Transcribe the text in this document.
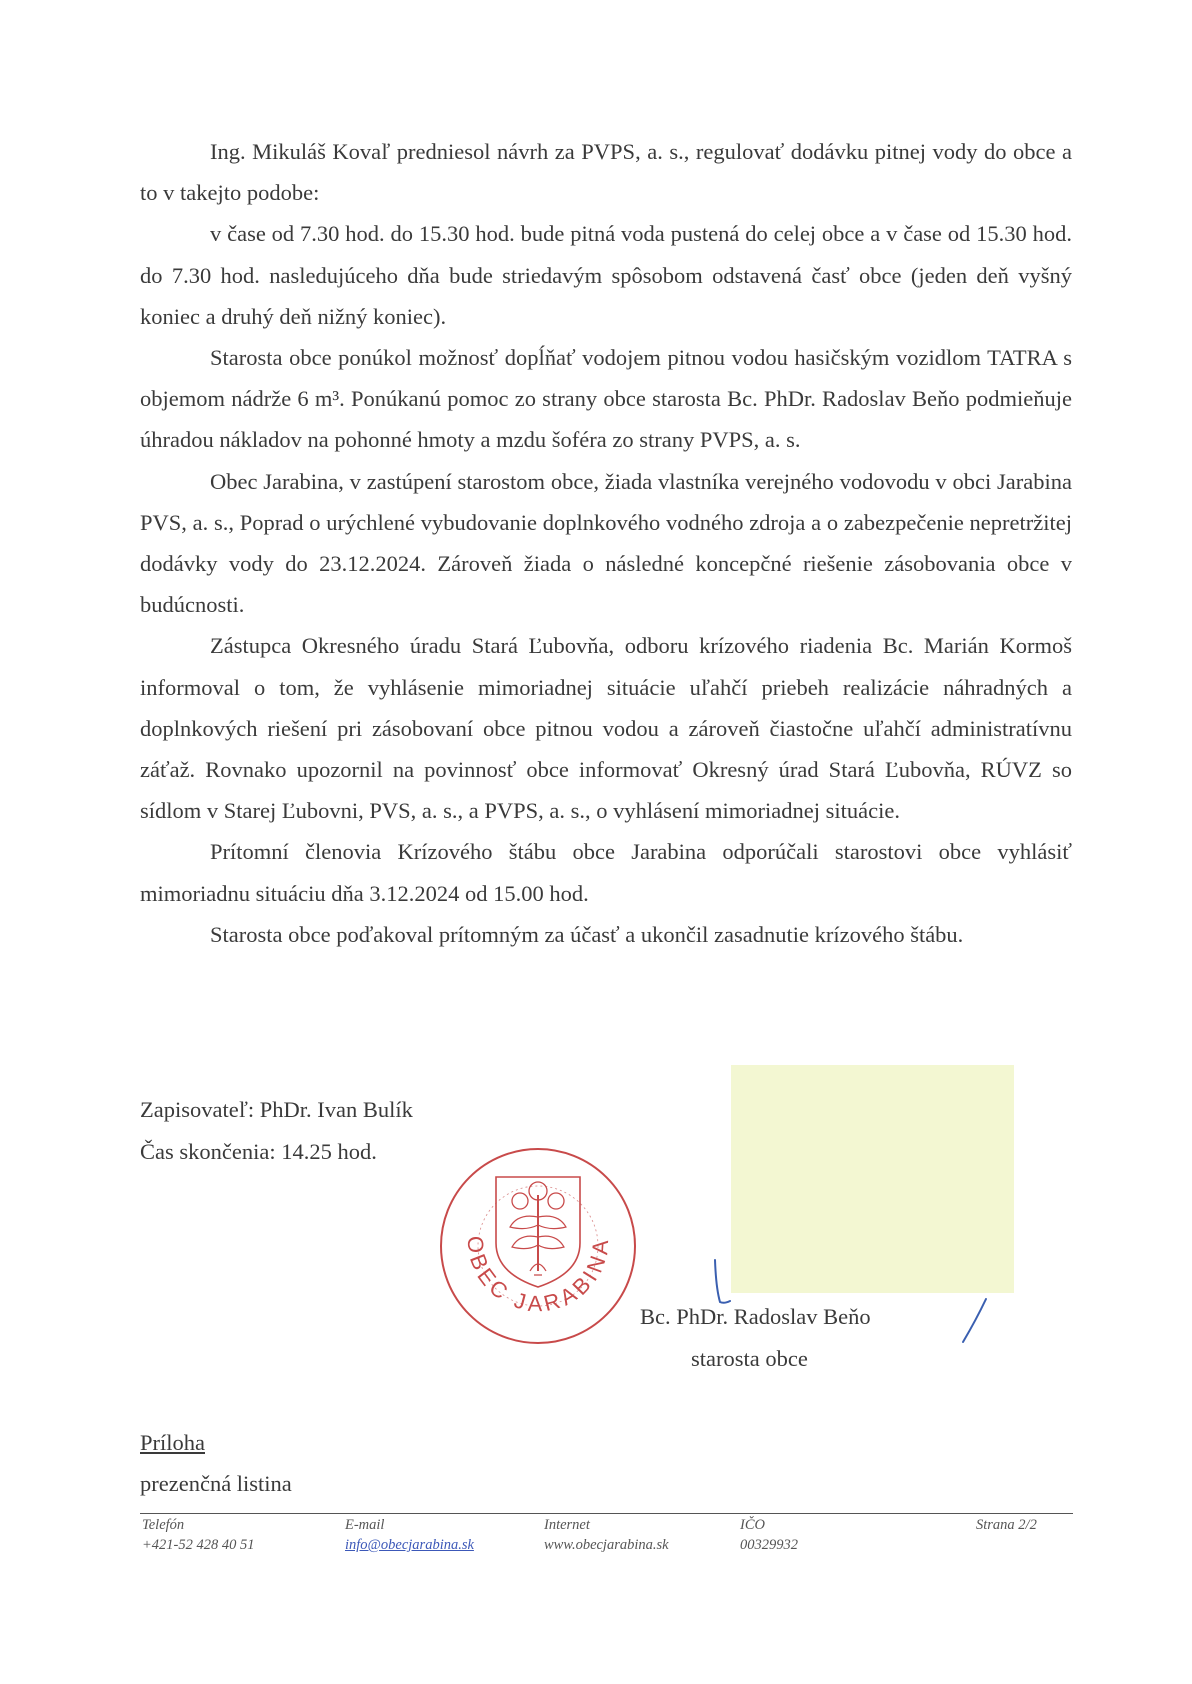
Ing. Mikuláš Kovaľ predniesol návrh za PVPS, a. s., regulovať dodávku pitnej vody do obce a to v takejto podobe:

v čase od 7.30 hod. do 15.30 hod. bude pitná voda pustená do celej obce a v čase od 15.30 hod. do 7.30 hod. nasledujúceho dňa bude striedavým spôsobom odstavená časť obce (jeden deň vyšný koniec a druhý deň nižný koniec).

Starosta obce ponúkol možnosť dopĺňať vodojem pitnou vodou hasičským vozidlom TATRA s objemom nádrže 6 m³. Ponúkanú pomoc zo strany obce starosta Bc. PhDr. Radoslav Beňo podmieňuje úhradou nákladov na pohonné hmoty a mzdu šoféra zo strany PVPS, a. s.

Obec Jarabina, v zastúpení starostom obce, žiada vlastníka verejného vodovodu v obci Jarabina PVS, a. s., Poprad o urýchlené vybudovanie doplnkového vodného zdroja a o zabezpečenie nepretržitej dodávky vody do 23.12.2024. Zároveň žiada o následné koncepčné riešenie zásobovania obce v budúcnosti.

Zástupca Okresného úradu Stará Ľubovňa, odboru krízového riadenia Bc. Marián Kormoš informoval o tom, že vyhlásenie mimoriadnej situácie uľahčí priebeh realizácie náhradných a doplnkových riešení pri zásobovaní obce pitnou vodou a zároveň čiastočne uľahčí administratívnu záťaž. Rovnako upozornil na povinnosť obce informovať Okresný úrad Stará Ľubovňa, RÚVZ so sídlom v Starej Ľubovni, PVS, a. s., a PVPS, a. s., o vyhlásení mimoriadnej situácie.

Prítomní členovia Krízového štábu obce Jarabina odporúčali starostovi obce vyhlásiť mimoriadnu situáciu dňa 3.12.2024 od 15.00 hod.

Starosta obce poďakoval prítomným za účasť a ukončil zasadnutie krízového štábu.

Zapisovateľ: PhDr. Ivan Bulík
Čas skončenia: 14.25 hod.
OBEC JARABINA
Bc. PhDr. Radoslav Beňo
starosta obce
Príloha
prezenčná listina
Telefón
+421-52 428 40 51
E-mail
info@obecjarabina.sk
Internet
www.obecjarabina.sk
IČO
00329932
Strana 2/2
